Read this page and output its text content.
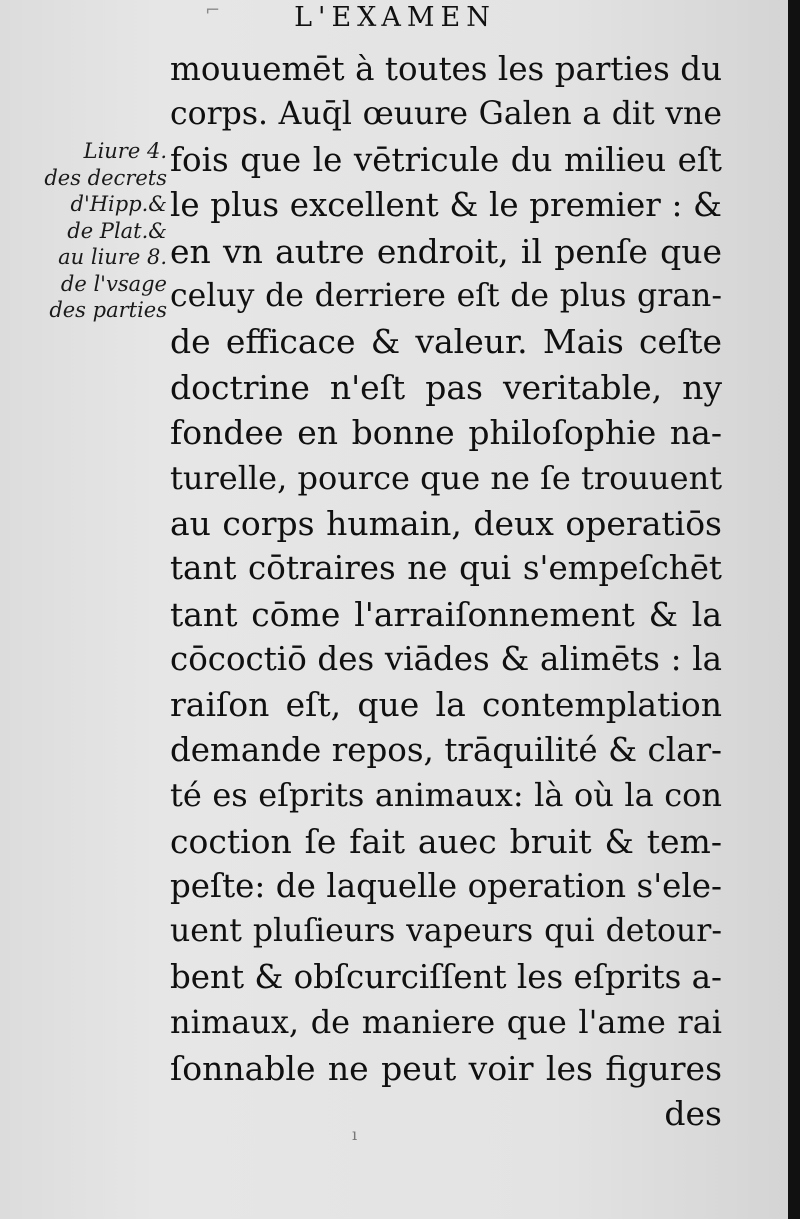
⌐	L'EXAMEN
Liure 4.
des decrets
d'Hipp.&
de Plat.&
au liure 8.
de l'vsage
des parties
mouuemēt à toutes les parties du
corps. Auq̄l œuure Galen a dit vne
fois que le vētricule du milieu eſt
le plus excellent & le premier : &
en vn autre endroit, il penſe que
celuy de derriere eſt de plus gran-
de efficace & valeur. Mais ceſte
doctrine n'eſt pas veritable, ny
fondee en bonne philoſophie na-
turelle, pource que ne ſe trouuent
au corps humain, deux operatiōs
tant cōtraires ne qui s'empeſchēt
tant cōme l'arraiſonnement & la
cōcoctiō des viādes & alimēts : la
raiſon eſt, que la contemplation
demande repos, trāquilité & clar-
té es eſprits animaux: là où la con
coction ſe fait auec bruit & tem-
peſte: de laquelle operation s'ele-
uent pluſieurs vapeurs qui detour-
bent & obſcurciſſent les eſprits a-
nimaux, de maniere que l'ame rai
ſonnable ne peut voir les figures
des
ı
